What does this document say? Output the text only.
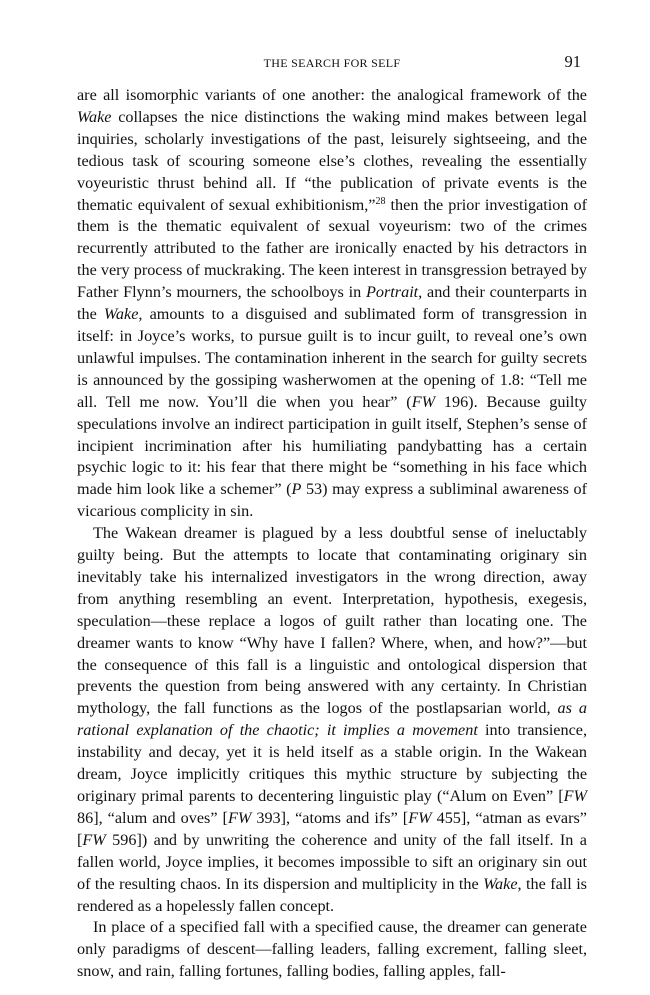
THE SEARCH FOR SELF	91

are all isomorphic variants of one another: the analogical framework of the Wake collapses the nice distinctions the waking mind makes between legal inquiries, scholarly investigations of the past, leisurely sightseeing, and the tedious task of scouring someone else’s clothes, revealing the essentially voyeuristic thrust behind all. If “the publication of private events is the thematic equivalent of sexual exhibitionism,”$^{28}$ then the prior investigation of them is the thematic equivalent of sexual voyeurism: two of the crimes recurrently attributed to the father are ironically enacted by his detractors in the very process of muckraking. The keen interest in transgression betrayed by Father Flynn’s mourners, the schoolboys in Portrait, and their counterparts in the Wake, amounts to a disguised and sublimated form of transgression in itself: in Joyce’s works, to pursue guilt is to incur guilt, to reveal one’s own unlawful impulses. The contamination inherent in the search for guilty secrets is announced by the gossiping washerwomen at the opening of 1.8: “Tell me all. Tell me now. You’ll die when you hear” (FW 196). Because guilty speculations involve an indirect participation in guilt itself, Stephen’s sense of incipient incrimination after his humiliating pandybatting has a certain psychic logic to it: his fear that there might be “something in his face which made him look like a schemer” (P 53) may express a subliminal awareness of vicarious complicity in sin.

The Wakean dreamer is plagued by a less doubtful sense of ineluctably guilty being. But the attempts to locate that contaminating originary sin inevitably take his internalized investigators in the wrong direction, away from anything resembling an event. Interpretation, hypothesis, exegesis, speculation—these replace a logos of guilt rather than locating one. The dreamer wants to know “Why have I fallen? Where, when, and how?”—but the consequence of this fall is a linguistic and ontological dispersion that prevents the question from being answered with any certainty. In Christian mythology, the fall functions as the logos of the postlapsarian world, as a rational explanation of the chaotic; it implies a movement into transience, instability and decay, yet it is held itself as a stable origin. In the Wakean dream, Joyce implicitly critiques this mythic structure by subjecting the originary primal parents to decentering linguistic play (“Alum on Even” [FW 86], “alum and oves” [FW 393], “atoms and ifs” [FW 455], “atman as evars” [FW 596]) and by unwriting the coherence and unity of the fall itself. In a fallen world, Joyce implies, it becomes impossible to sift an originary sin out of the resulting chaos. In its dispersion and multiplicity in the Wake, the fall is rendered as a hopelessly fallen concept.

In place of a specified fall with a specified cause, the dreamer can generate only paradigms of descent—falling leaders, falling excrement, falling sleet, snow, and rain, falling fortunes, falling bodies, falling apples, fall-
